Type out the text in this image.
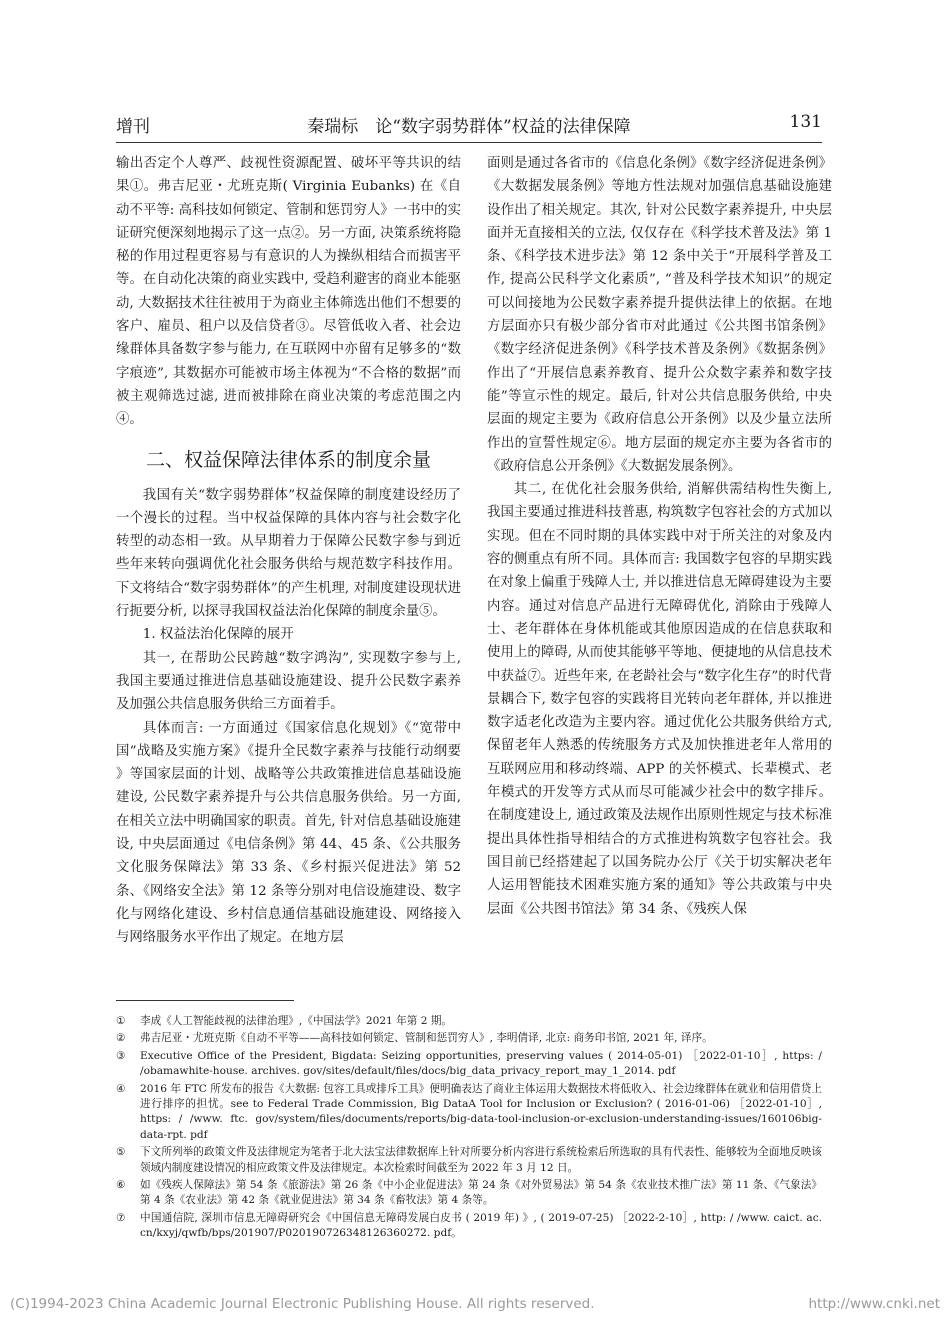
增刊	秦瑞标　论“数字弱势群体”权益的法律保障	131

输出否定个人尊严、歧视性资源配置、破坏平等共识的结果①。弗吉尼亚・尤班克斯( Virginia Eubanks) 在《自动不平等: 高科技如何锁定、管制和惩罚穷人》一书中的实证研究便深刻地揭示了这一点②。另一方面, 决策系统将隐秘的作用过程更容易与有意识的人为操纵相结合而损害平等。在自动化决策的商业实践中, 受趋利避害的商业本能驱动, 大数据技术往往被用于为商业主体筛选出他们不想要的客户、雇员、租户以及信贷者③。尽管低收入者、社会边缘群体具备数字参与能力, 在互联网中亦留有足够多的“数字痕迹”, 其数据亦可能被市场主体视为“不合格的数据”而被主观筛选过滤, 进而被排除在商业决策的考虑范围之内④。

二、权益保障法律体系的制度余量

我国有关“数字弱势群体”权益保障的制度建设经历了一个漫长的过程。当中权益保障的具体内容与社会数字化转型的动态相一致。从早期着力于保障公民数字参与到近些年来转向强调优化社会服务供给与规范数字科技作用。下文将结合“数字弱势群体”的产生机理, 对制度建设现状进行扼要分析, 以探寻我国权益法治化保障的制度余量⑤。

1. 权益法治化保障的展开

其一, 在帮助公民跨越“数字鸿沟”, 实现数字参与上, 我国主要通过推进信息基础设施建设、提升公民数字素养及加强公共信息服务供给三方面着手。

具体而言: 一方面通过《国家信息化规划》《“宽带中国”战略及实施方案》《提升全民数字素养与技能行动纲要 》等国家层面的计划、战略等公共政策推进信息基础设施建设, 公民数字素养提升与公共信息服务供给。另一方面, 在相关立法中明确国家的职责。首先, 针对信息基础设施建设, 中央层面通过《电信条例》第 44、45 条、《公共服务文化服务保障法》第 33 条、《乡村振兴促进法》第 52 条、《网络安全法》第 12 条等分别对电信设施建设、数字化与网络化建设、乡村信息通信基础设施建设、网络接入与网络服务水平作出了规定。在地方层

面则是通过各省市的《信息化条例》《数字经济促进条例》《大数据发展条例》等地方性法规对加强信息基础设施建设作出了相关规定。其次, 针对公民数字素养提升, 中央层面并无直接相关的立法, 仅仅存在《科学技术普及法》第 1 条、《科学技术进步法》第 12 条中关于“开展科学普及工作, 提高公民科学文化素质”, “普及科学技术知识”的规定可以间接地为公民数字素养提升提供法律上的依据。在地方层面亦只有极少部分省市对此通过《公共图书馆条例》《数字经济促进条例》《科学技术普及条例》《数据条例》作出了“开展信息素养教育、提升公众数字素养和数字技能”等宣示性的规定。最后, 针对公共信息服务供给, 中央层面的规定主要为《政府信息公开条例》以及少量立法所作出的宣誓性规定⑥。地方层面的规定亦主要为各省市的《政府信息公开条例》《大数据发展条例》。

其二, 在优化社会服务供给, 消解供需结构性失衡上, 我国主要通过推进科技普惠, 构筑数字包容社会的方式加以实现。但在不同时期的具体实践中对于所关注的对象及内容的侧重点有所不同。具体而言: 我国数字包容的早期实践在对象上偏重于残障人士, 并以推进信息无障碍建设为主要内容。通过对信息产品进行无障碍优化, 消除由于残障人士、老年群体在身体机能或其他原因造成的在信息获取和使用上的障碍, 从而使其能够平等地、便捷地的从信息技术中获益⑦。近些年来, 在老龄社会与“数字化生存”的时代背景耦合下, 数字包容的实践将目光转向老年群体, 并以推进数字适老化改造为主要内容。通过优化公共服务供给方式, 保留老年人熟悉的传统服务方式及加快推进老年人常用的互联网应用和移动终端、APP 的关怀模式、长辈模式、老年模式的开发等方式从而尽可能减少社会中的数字排斥。在制度建设上, 通过政策及法规作出原则性规定与技术标准提出具体性指导相结合的方式推进构筑数字包容社会。我国目前已经搭建起了以国务院办公厅《关于切实解决老年人运用智能技术困难实施方案的通知》等公共政策与中央层面《公共图书馆法》第 34 条、《残疾人保

① 李成《人工智能歧视的法律治理》,《中国法学》2021 年第 2 期。
② 弗吉尼亚・尤班克斯《自动不平等——高科技如何锁定、管制和惩罚穷人》, 李明倩译, 北京: 商务印书馆, 2021 年, 译序。
③ Executive Office of the President, Bigdata: Seizing opportunities, preserving values ( 2014-05-01) ［2022-01-10］, https: / /obamawhite-house. archives. gov/sites/default/files/docs/big_data_privacy_report_may_1_2014. pdf
④ 2016 年 FTC 所发布的报告《大数据: 包容工具或排斥工具》便明确表达了商业主体运用大数据技术将低收入、社会边缘群体在就业和信用借贷上进行排序的担忧。see to Federal Trade Commission, Big DataA Tool for Inclusion or Exclusion? ( 2016-01-06) ［2022-01-10］, https: / /www. ftc. gov/system/files/documents/reports/big-data-tool-inclusion-or-exclusion-understanding-issues/160106big-data-rpt. pdf
⑤ 下文所列举的政策文件及法律规定为笔者于北大法宝法律数据库上针对所要分析内容进行系统检索后所选取的具有代表性、能够较为全面地反映该领域内制度建设情况的相应政策文件及法律规定。本次检索时间截至为 2022 年 3 月 12 日。
⑥ 如《残疾人保障法》第 54 条《旅游法》第 26 条《中小企业促进法》第 24 条《对外贸易法》第 54 条《农业技术推广法》第 11 条、《气象法》第 4 条《农业法》第 42 条《就业促进法》第 34 条《畜牧法》第 4 条等。
⑦ 中国通信院, 深圳市信息无障碍研究会《中国信息无障碍发展白皮书 ( 2019 年) 》, ( 2019-07-25) ［2022-2-10］, http: / /www. caict. ac. cn/kxyj/qwfb/bps/201907/P020190726348126360272. pdf。
(C)1994-2023 China Academic Journal Electronic Publishing House. All rights reserved.	http://www.cnki.net
